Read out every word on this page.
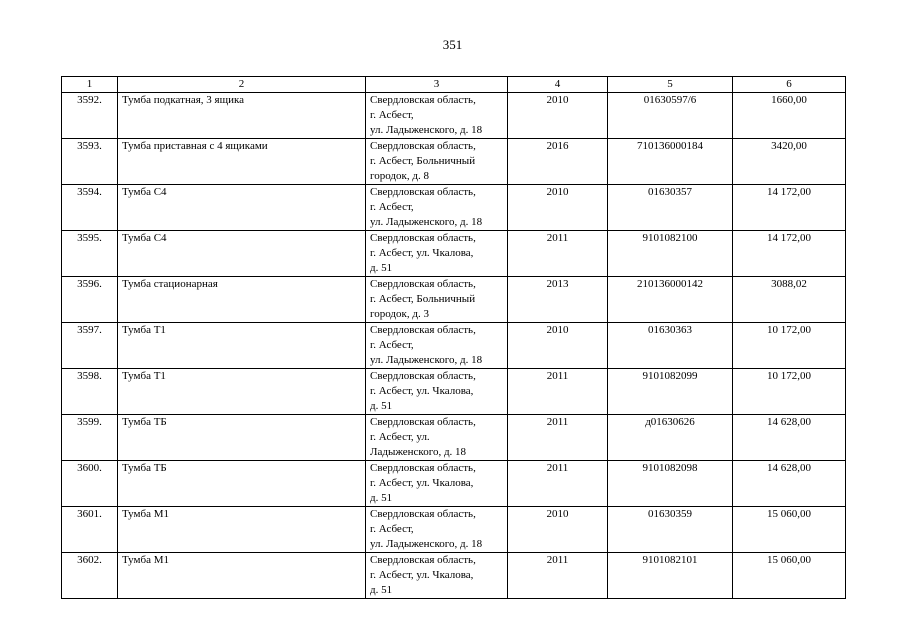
351
1	2	3	4	5	6
3592.	Тумба подкатная, 3 ящика	Свердловская область,
г. Асбест,
ул. Ладыженского, д. 18	2010	01630597/6	1660,00
3593.	Тумба приставная с 4 ящиками	Свердловская область,
г. Асбест, Больничный
городок, д. 8	2016	710136000184	3420,00
3594.	Тумба С4	Свердловская область,
г. Асбест,
ул. Ладыженского, д. 18	2010	01630357	14 172,00
3595.	Тумба С4	Свердловская область,
г. Асбест, ул. Чкалова,
д. 51	2011	9101082100	14 172,00
3596.	Тумба стационарная	Свердловская область,
г. Асбест, Больничный
городок, д. 3	2013	210136000142	3088,02
3597.	Тумба Т1	Свердловская область,
г. Асбест,
ул. Ладыженского, д. 18	2010	01630363	10 172,00
3598.	Тумба Т1	Свердловская область,
г. Асбест, ул. Чкалова,
д. 51	2011	9101082099	10 172,00
3599.	Тумба ТБ	Свердловская область,
г. Асбест, ул.
Ладыженского, д. 18	2011	д01630626	14 628,00
3600.	Тумба ТБ	Свердловская область,
г. Асбест, ул. Чкалова,
д. 51	2011	9101082098	14 628,00
3601.	Тумба М1	Свердловская область,
г. Асбест,
ул. Ладыженского, д. 18	2010	01630359	15 060,00
3602.	Тумба М1	Свердловская область,
г. Асбест, ул. Чкалова,
д. 51	2011	9101082101	15 060,00
